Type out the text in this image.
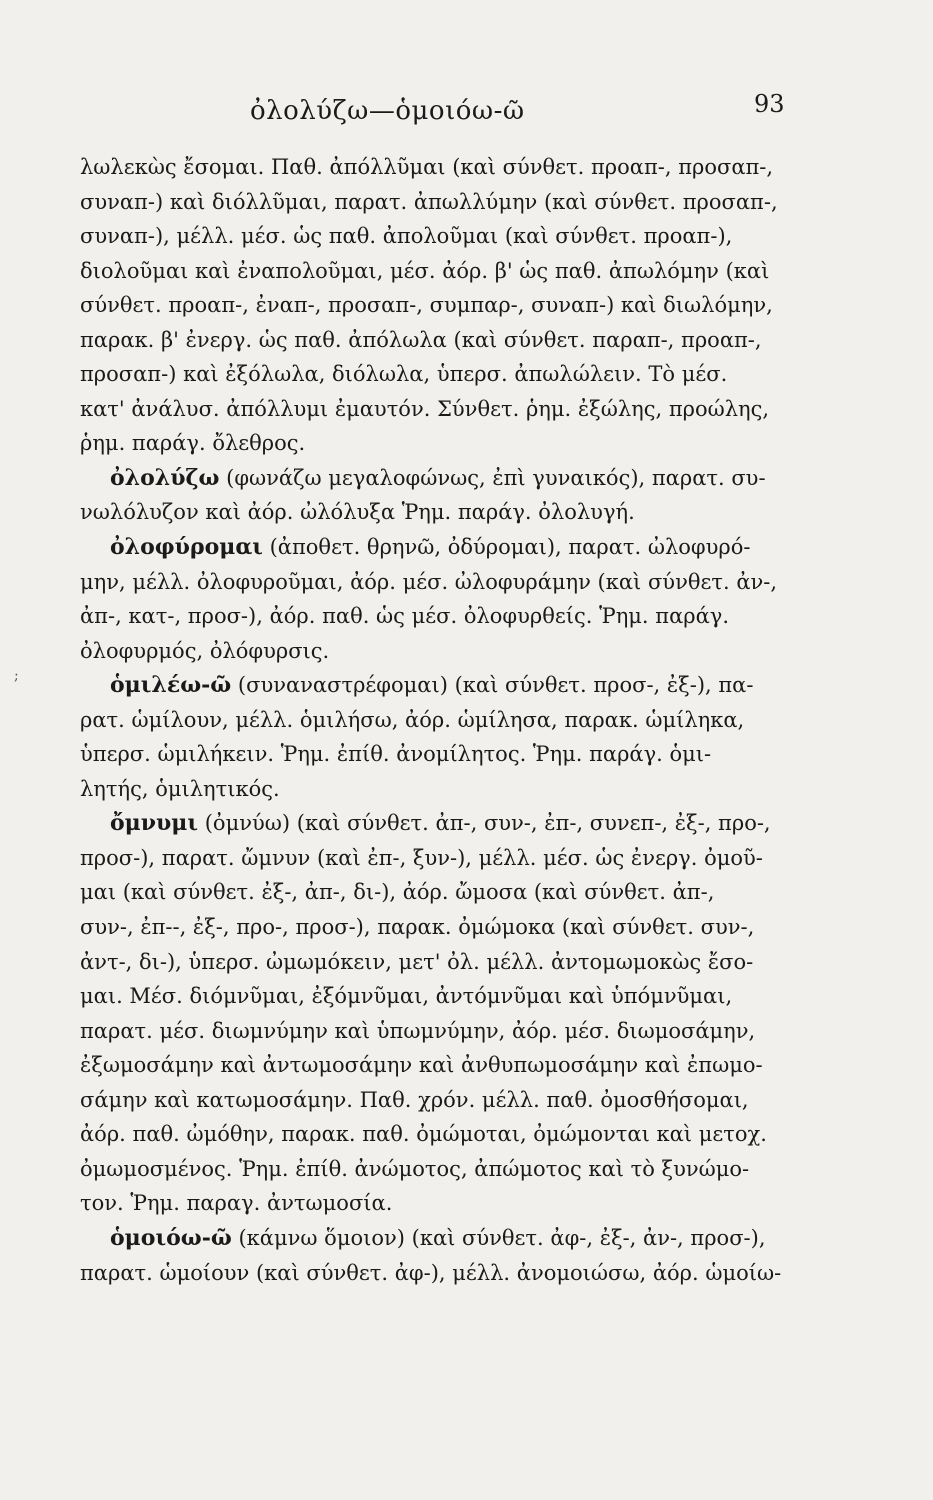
ὀλολύζω—ὁμοιόω-ῶ	93
;
λωλεκὼς ἔσομαι. Παθ. ἀπόλλῦμαι (καὶ σύνθετ. προαπ-, προσαπ-,
συναπ-) καὶ διόλλῦμαι, παρατ. ἀπωλλύμην (καὶ σύνθετ. προσαπ-,
συναπ-), μέλλ. μέσ. ὡς παθ. ἀπολοῦμαι (καὶ σύνθετ. προαπ-),
διολοῦμαι καὶ ἐναπολοῦμαι, μέσ. ἀόρ. β' ὡς παθ. ἀπωλόμην (καὶ
σύνθετ. προαπ-, ἐναπ-, προσαπ-, συμπαρ-, συναπ-) καὶ διωλόμην,
παρακ. β' ἐνεργ. ὡς παθ. ἀπόλωλα (καὶ σύνθετ. παραπ-, προαπ-,
προσαπ-) καὶ ἐξόλωλα, διόλωλα, ὑπερσ. ἀπωλώλειν. Τὸ μέσ.
κατ' ἀνάλυσ. ἀπόλλυμι ἐμαυτόν. Σύνθετ. ῥημ. ἐξώλης, προώλης,
ῥημ. παράγ. ὄλεθρος.
ὀλολύζω (φωνάζω μεγαλοφώνως, ἐπὶ γυναικός), παρατ. συ-
νωλόλυζον καὶ ἀόρ. ὠλόλυξα Ῥημ. παράγ. ὀλολυγή.
ὀλοφύρομαι (ἀποθετ. θρηνῶ, ὀδύρομαι), παρατ. ὠλοφυρό-
μην, μέλλ. ὀλοφυροῦμαι, ἀόρ. μέσ. ὠλοφυράμην (καὶ σύνθετ. ἀν-,
ἀπ-, κατ-, προσ-), ἀόρ. παθ. ὡς μέσ. ὀλοφυρθείς. Ῥημ. παράγ.
ὀλοφυρμός, ὀλόφυρσις.
ὁμιλέω-ῶ (συναναστρέφομαι) (καὶ σύνθετ. προσ-, ἐξ-), πα-
ρατ. ὡμίλουν, μέλλ. ὁμιλήσω, ἀόρ. ὡμίλησα, παρακ. ὡμίληκα,
ὑπερσ. ὡμιλήκειν. Ῥημ. ἐπίθ. ἀνομίλητος. Ῥημ. παράγ. ὁμι-
λητής, ὁμιλητικός.
ὄμνυμι (ὀμνύω) (καὶ σύνθετ. ἀπ-, συν-, ἐπ-, συνεπ-, ἐξ-, προ-,
προσ-), παρατ. ὤμνυν (καὶ ἐπ-, ξυν-), μέλλ. μέσ. ὡς ἐνεργ. ὀμοῦ-
μαι (καὶ σύνθετ. ἐξ-, ἀπ-, δι-), ἀόρ. ὤμοσα (καὶ σύνθετ. ἀπ-,
συν-, ἐπ--, ἐξ-, προ-, προσ-), παρακ. ὀμώμοκα (καὶ σύνθετ. συν-,
ἀντ-, δι-), ὑπερσ. ὠμωμόκειν, μετ' ὀλ. μέλλ. ἀντομωμοκὼς ἔσο-
μαι. Μέσ. διόμνῦμαι, ἐξόμνῦμαι, ἀντόμνῦμαι καὶ ὑπόμνῦμαι,
παρατ. μέσ. διωμνύμην καὶ ὑπωμνύμην, ἀόρ. μέσ. διωμοσάμην,
ἐξωμοσάμην καὶ ἀντωμοσάμην καὶ ἀνθυπωμοσάμην καὶ ἐπωμο-
σάμην καὶ κατωμοσάμην. Παθ. χρόν. μέλλ. παθ. ὀμοσθήσομαι,
ἀόρ. παθ. ὠμόθην, παρακ. παθ. ὀμώμοται, ὀμώμονται καὶ μετοχ.
ὀμωμοσμένος. Ῥημ. ἐπίθ. ἀνώμοτος, ἀπώμοτος καὶ τὸ ξυνώμο-
τον. Ῥημ. παραγ. ἀντωμοσία.
ὁμοιόω-ῶ (κάμνω ὅμοιον) (καὶ σύνθετ. ἀφ-, ἐξ-, ἀν-, προσ-),
παρατ. ὡμοίουν (καὶ σύνθετ. ἀφ-), μέλλ. ἀνομοιώσω, ἀόρ. ὡμοίω-
